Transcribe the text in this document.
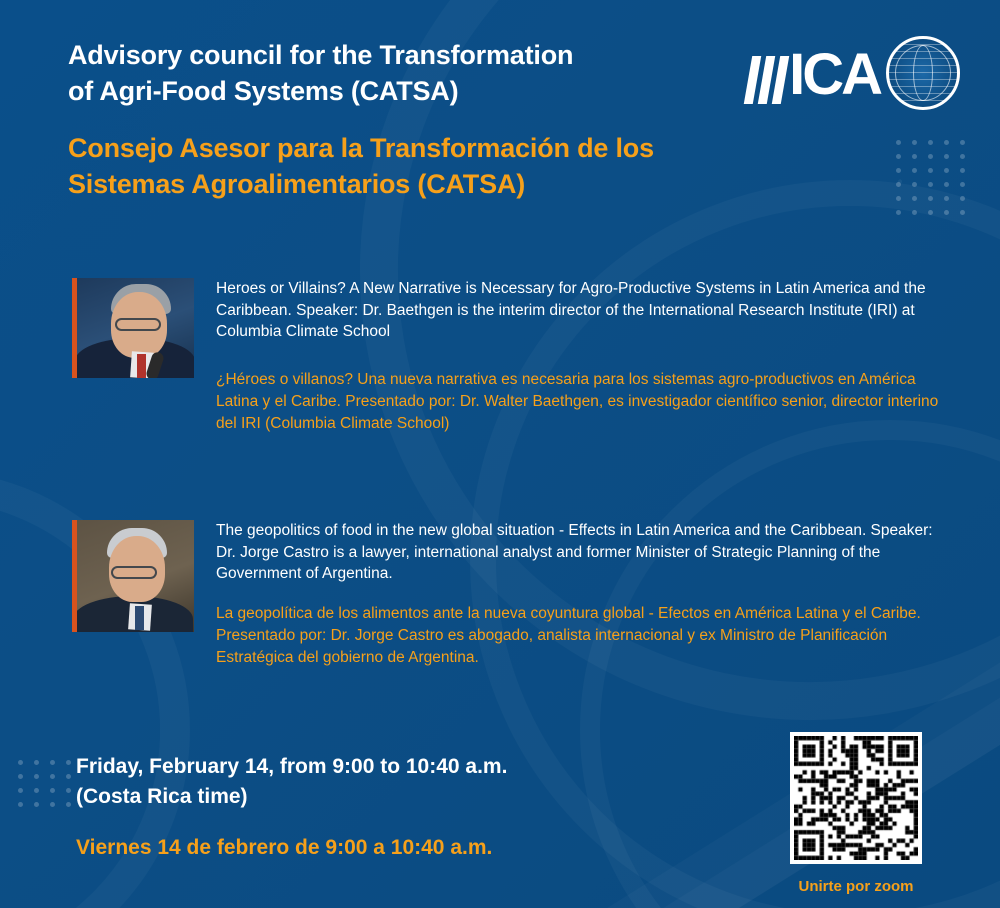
Advisory council for the Transformation
of Agri-Food Systems (CATSA)
Consejo Asesor para la Transformación de los
Sistemas Agroalimentarios (CATSA)
ICA
Heroes or Villains? A New Narrative is Necessary for Agro-Productive Systems in Latin America and the Caribbean. Speaker: Dr. Baethgen is the interim director of the International Research Institute (IRI) at Columbia Climate School
¿Héroes o villanos? Una nueva narrativa es necesaria para los sistemas agro-productivos en América Latina y el Caribe. Presentado por: Dr. Walter Baethgen, es investigador científico senior, director interino del IRI (Columbia Climate School)
The geopolitics of food in the new global situation - Effects in Latin America and the Caribbean. Speaker: Dr. Jorge Castro is a lawyer, international analyst and former Minister of Strategic Planning of the Government of Argentina.
La geopolítica de los alimentos ante la nueva coyuntura global - Efectos en América Latina y el Caribe. Presentado por: Dr. Jorge Castro es abogado, analista internacional y ex Ministro de Planificación Estratégica del gobierno de Argentina.
Friday, February 14, from 9:00 to 10:40 a.m.
(Costa Rica time)
Viernes 14 de febrero de 9:00 a 10:40 a.m.
Unirte por zoom
